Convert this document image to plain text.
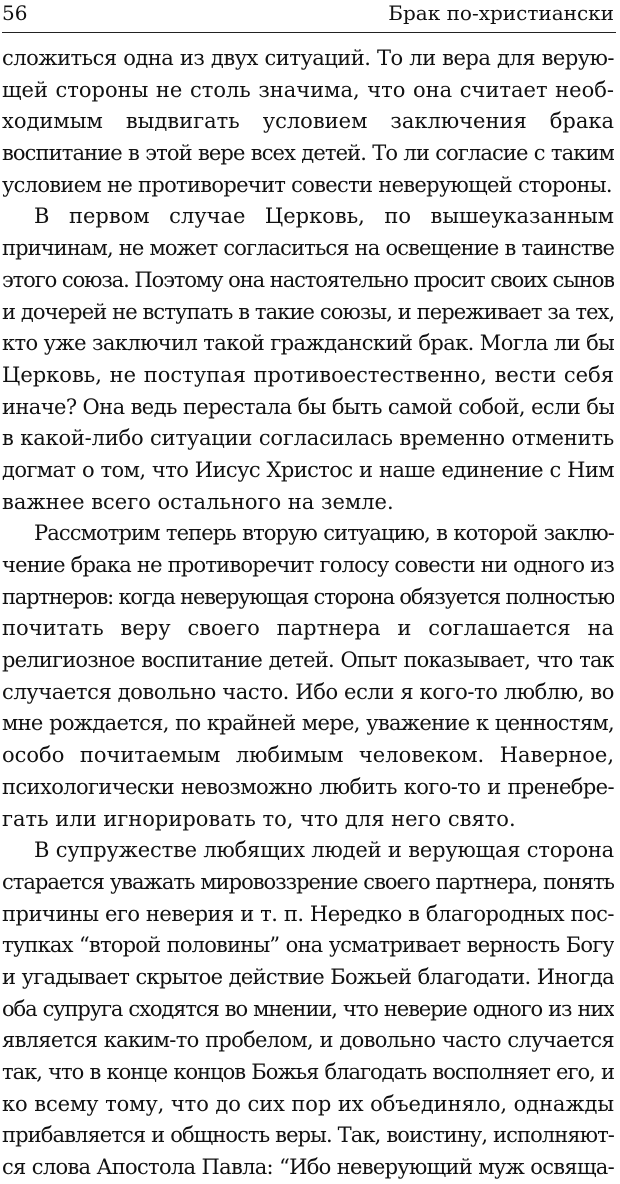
56	Брак по-христиански
сложиться одна из двух ситуаций. То ли вера для верую-
щей стороны не столь значима, что она считает необ-
ходимым выдвигать условием заключения брака
воспитание в этой вере всех детей. То ли согласие с таким
условием не противоречит совести неверующей стороны.
В первом случае Церковь, по вышеуказанным
причинам, не может согласиться на освещение в таинстве
этого союза. Поэтому она настоятельно просит своих сынов
и дочерей не вступать в такие союзы, и переживает за тех,
кто уже заключил такой гражданский брак. Могла ли бы
Церковь, не поступая противоестественно, вести себя
иначе? Она ведь перестала бы быть самой собой, если бы
в какой-либо ситуации согласилась временно отменить
догмат о том, что Иисус Христос и наше единение с Ним
важнее всего остального на земле.
Рассмотрим теперь вторую ситуацию, в которой заклю-
чение брака не противоречит голосу совести ни одного из
партнеров: когда неверующая сторона обязуется полностью
почитать веру своего партнера и соглашается на
религиозное воспитание детей. Опыт показывает, что так
случается довольно часто. Ибо если я кого-то люблю, во
мне рождается, по крайней мере, уважение к ценностям,
особо почитаемым любимым человеком. Наверное,
психологически невозможно любить кого-то и пренебре-
гать или игнорировать то, что для него свято.
В супружестве любящих людей и верующая сторона
старается уважать мировоззрение своего партнера, понять
причины его неверия и т. п. Нередко в благородных пос-
тупках “второй половины” она усматривает верность Богу
и угадывает скрытое действие Божьей благодати. Иногда
оба супруга сходятся во мнении, что неверие одного из них
является каким-то пробелом, и довольно часто случается
так, что в конце концов Божья благодать восполняет его, и
ко всему тому, что до сих пор их объединяло, однажды
прибавляется и общность веры. Так, воистину, исполняют-
ся слова Апостола Павла: “Ибо неверующий муж освяща-
